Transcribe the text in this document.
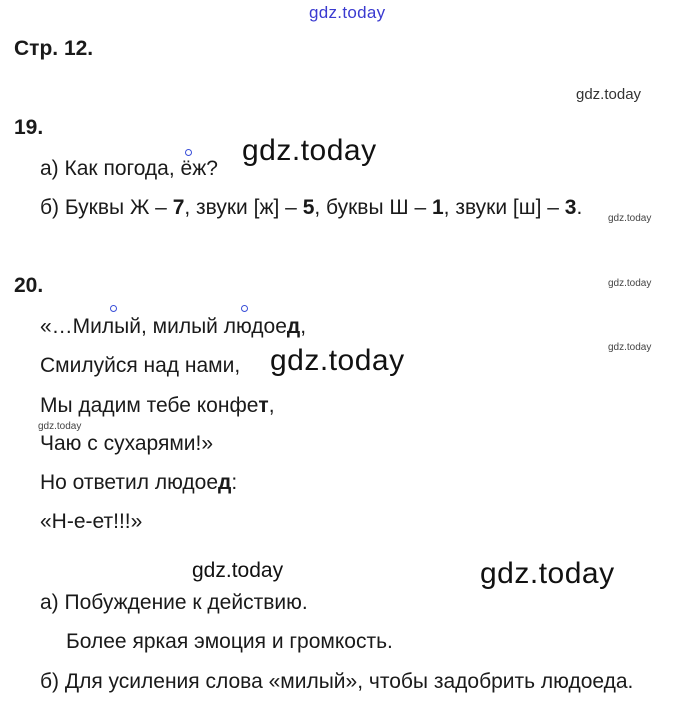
gdz.today
Стр. 12.
gdz.today
19.
а) Как погода, ёж?
gdz.today
б) Буквы Ж – 7, звуки [ж] – 5, буквы Ш – 1, звуки [ш] – 3.	gdz.today
20.	gdz.today
gdz.today
«…Милый, милый людоед,
Смилуйся над нами, gdz.today
Мы дадим тебе конфет,
gdz.today
Чаю с сухарями!»
Но ответил людоед:
«Н-е-ет!!!»
gdz.today	gdz.today
а) Побуждение к действию.
Более яркая эмоция и громкость.
б) Для усиления слова «милый», чтобы задобрить людоеда.
